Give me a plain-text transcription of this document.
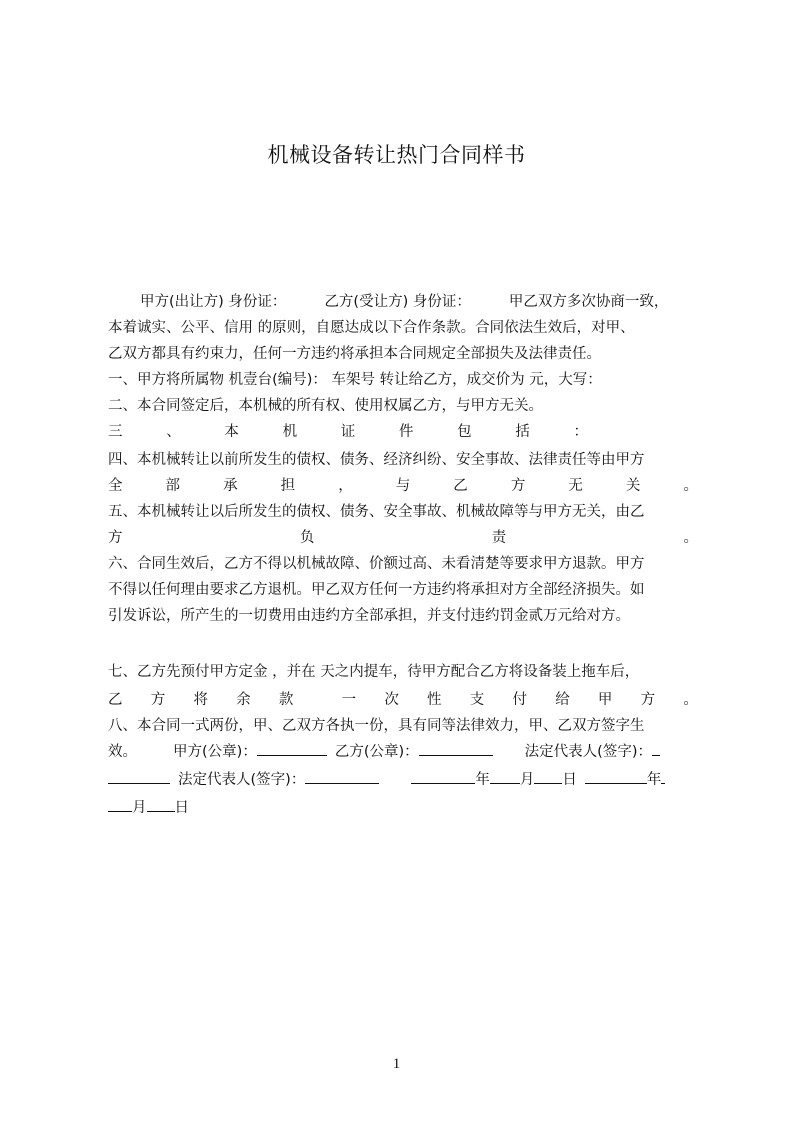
机械设备转让热门合同样书
甲方(出让方) 身份证：	乙方(受让方) 身份证：	甲乙双方多次协商一致，
本着诚实、公平、信用 的原则，自愿达成以下合作条款。合同依法生效后，对甲、
乙双方都具有约束力，任何一方违约将承担本合同规定全部损失及法律责任。
一、甲方将所属物 机壹台(编号)： 车架号 转让给乙方，成交价为 元，大写：
二、本合同签定后，本机械的所有权、使用权属乙方，与甲方无关。
三	、	本	机	证	件	包	括	：
四、本机械转让以前所发生的债权、债务、经济纠纷、安全事故、法律责任等由甲方
全	部	承	担	，	与	乙	方	无	关	。
五、本机械转让以后所发生的债权、债务、安全事故、机械故障等与甲方无关，由乙
方	负	责	。
六、合同生效后，乙方不得以机械故障、价额过高、未看清楚等要求甲方退款。甲方
不得以任何理由要求乙方退机。甲乙双方任何一方违约将承担对方全部经济损失。如
引发诉讼，所产生的一切费用由违约方全部承担，并支付违约罚金贰万元给对方。
七、乙方先预付甲方定金 ，并在 天之内提车，待甲方配合乙方将设备装上拖车后，
乙 方 将 余 款	一 次 性 支 付 给 甲 方 。
八、本合同一式两份，甲、乙双方各执一份，具有同等法律效力，甲、乙双方签字生
效。 甲方(公章)：	乙方(公章)：	法定代表人(签字)：
法定代表人(签字)：	年 月 日	年
月 日
1
